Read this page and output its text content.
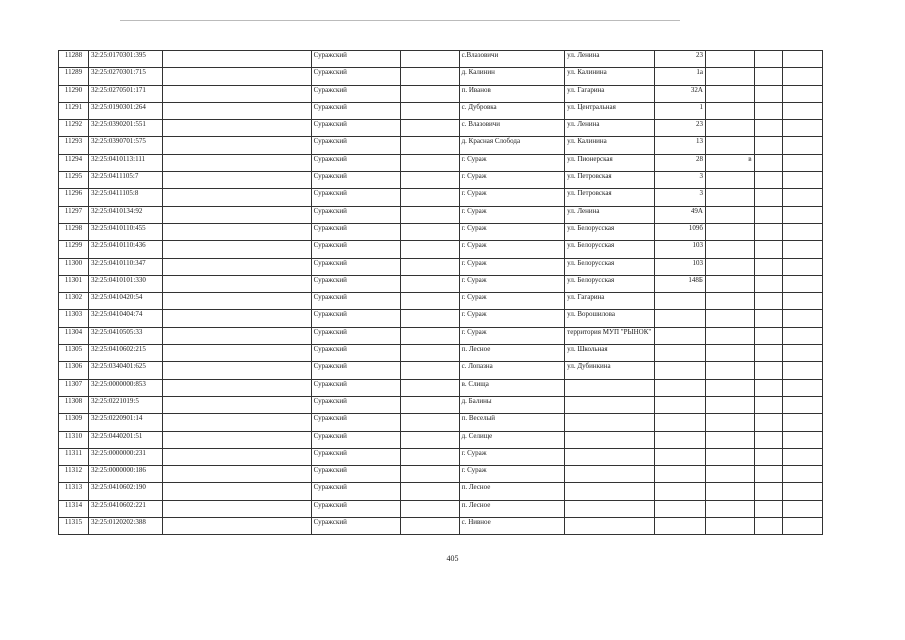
11288	32:25:0170301:395		Суражский		с.Влазовичи	ул. Ленина	23			
11289	32:25:0270301:715		Суражский		д. Калинин	ул. Калинина	1а			
11290	32:25:0270501:171		Суражский		п. Иванов	ул. Гагарина	32А			
11291	32:25:0190301:264		Суражский		с. Дубровка	ул. Центральная	1			
11292	32:25:0390201:551		Суражский		с. Влазовичи	ул. Ленина	23			
11293	32:25:0390701:575		Суражский		д. Красная Слобода	ул. Калинина	13			
11294	32:25:0410113:111		Суражский		г. Сураж	ул. Пионерская	28	в		
11295	32:25:0411105:7		Суражский		г. Сураж	ул. Петровская	3			
11296	32:25:0411105:8		Суражский		г. Сураж	ул. Петровская	3			
11297	32:25:0410134:92		Суражский		г. Сураж	ул. Ленина	49А			
11298	32:25:0410110:455		Суражский		г. Сураж	ул. Белорусская	109б			
11299	32:25:0410110:436		Суражский		г. Сураж	ул. Белорусская	103			
11300	32:25:0410110:347		Суражский		г. Сураж	ул. Белорусская	103			
11301	32:25:0410101:330		Суражский		г. Сураж	ул. Белорусская	148Б			
11302	32:25:0410420:54		Суражский		г. Сураж	ул. Гагарина				
11303	32:25:0410404:74		Суражский		г. Сураж	ул. Ворошилова				
11304	32:25:0410505:33		Суражский		г. Сураж	территория МУП "РЫНОК"				
11305	32:25:0410602:215		Суражский		п. Лесное	ул. Школьная				
11306	32:25:0340401:625		Суражский		с. Лопазна	ул. Дубинкина				
11307	32:25:0000000:853		Суражский		в. Слища					
11308	32:25:0221019:5		Суражский		д. Балины					
11309	32:25:0220901:14		Суражский		п. Веселый					
11310	32:25:0440201:51		Суражский		д. Селище					
11311	32:25:0000000:231		Суражский		г. Сураж					
11312	32:25:0000000:186		Суражский		г. Сураж					
11313	32:25:0410602:190		Суражский		п. Лесное					
11314	32:25:0410602:221		Суражский		п. Лесное					
11315	32:25:0120202:388		Суражский		с. Нивное					
405
